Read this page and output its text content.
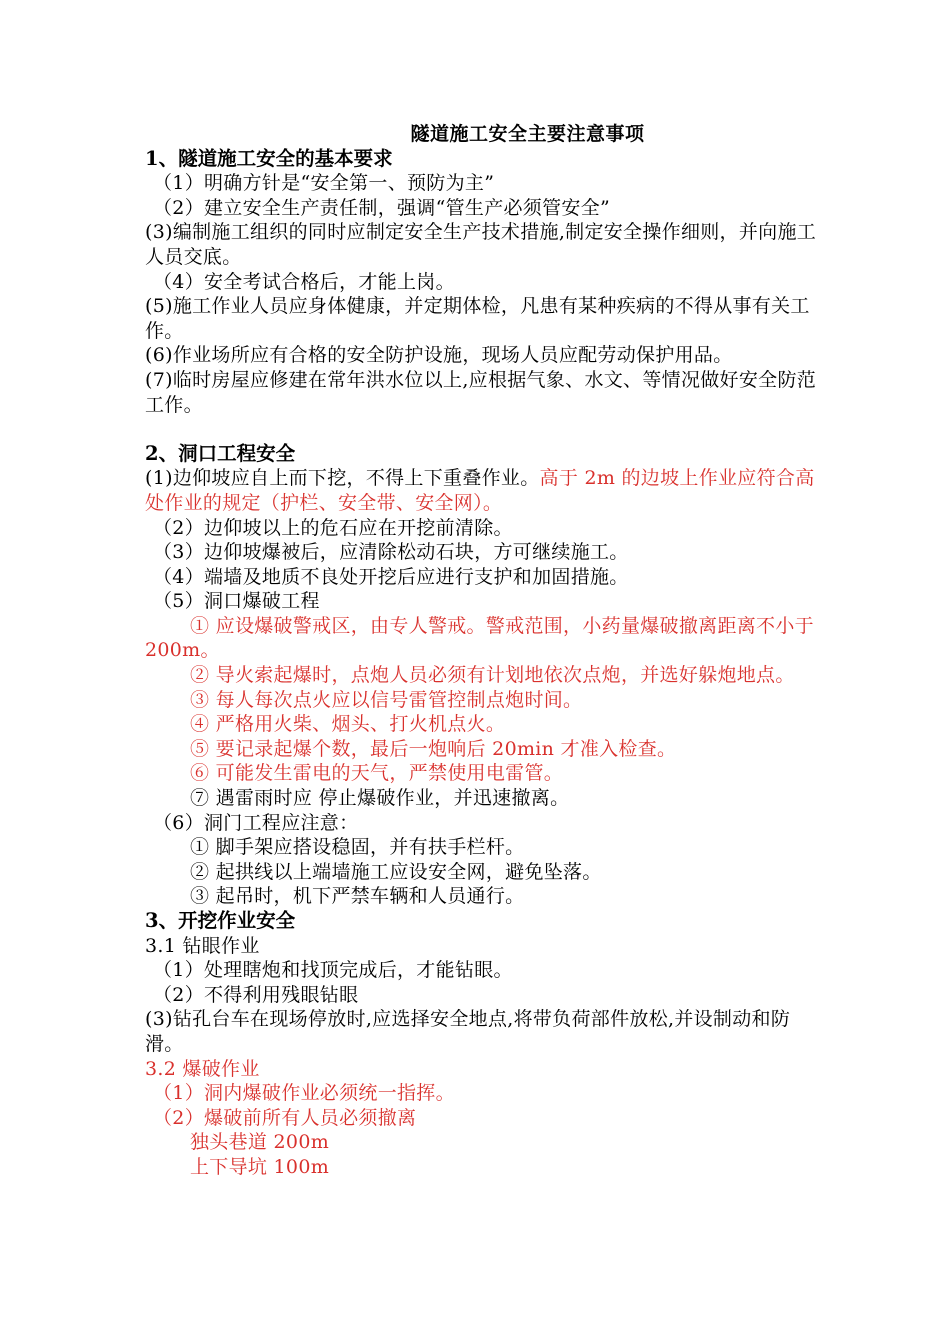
隧道施工安全主要注意事项
1、隧道施工安全的基本要求

（1）明确方针是“安全第一、预防为主”

（2）建立安全生产责任制，强调“管生产必须管安全”

(3)编制施工组织的同时应制定安全生产技术措施,制定安全操作细则，并向施工人员交底。

（4）安全考试合格后，才能上岗。

(5)施工作业人员应身体健康，并定期体检，凡患有某种疾病的不得从事有关工作。

(6)作业场所应有合格的安全防护设施，现场人员应配劳动保护用品。

(7)临时房屋应修建在常年洪水位以上,应根据气象、水文、等情况做好安全防范工作。

2、洞口工程安全

(1)边仰坡应自上而下挖，不得上下重叠作业。高于 2m 的边坡上作业应符合高处作业的规定（护栏、安全带、安全网）。

（2）边仰坡以上的危石应在开挖前清除。

（3）边仰坡爆被后，应清除松动石块，方可继续施工。

（4）端墙及地质不良处开挖后应进行支护和加固措施。

（5）洞口爆破工程

① 应设爆破警戒区，由专人警戒。警戒范围，小药量爆破撤离距离不小于 200m。

② 导火索起爆时，点炮人员必须有计划地依次点炮，并选好躲炮地点。

③ 每人每次点火应以信号雷管控制点炮时间。

④ 严格用火柴、烟头、打火机点火。

⑤ 要记录起爆个数，最后一炮响后 20min 才准入检查。

⑥ 可能发生雷电的天气，严禁使用电雷管。

⑦ 遇雷雨时应 停止爆破作业，并迅速撤离。

（6）洞门工程应注意：

① 脚手架应搭设稳固，并有扶手栏杆。

② 起拱线以上端墙施工应设安全网，避免坠落。

③ 起吊时，机下严禁车辆和人员通行。

3、开挖作业安全

3.1 钻眼作业

（1）处理瞎炮和找顶完成后，才能钻眼。

（2）不得利用残眼钻眼

(3)钻孔台车在现场停放时,应选择安全地点,将带负荷部件放松,并设制动和防滑。

3.2 爆破作业

（1）洞内爆破作业必须统一指挥。

（2）爆破前所有人员必须撤离

独头巷道 200m

上下导坑 100m
